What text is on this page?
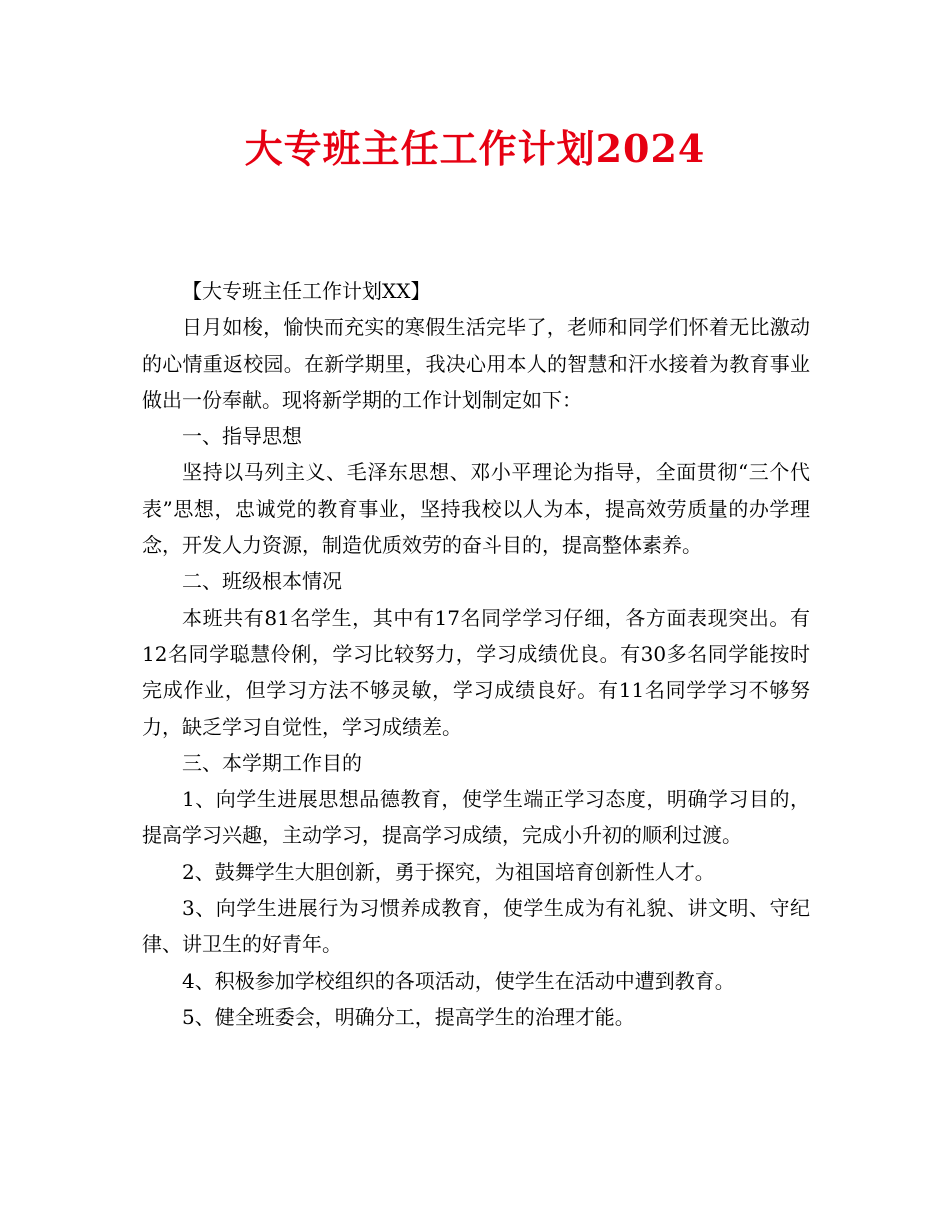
大专班主任工作计划2024

【大专班主任工作计划XX】

日月如梭，愉快而充实的寒假生活完毕了，老师和同学们怀着无比激动的心情重返校园。在新学期里，我决心用本人的智慧和汗水接着为教育事业做出一份奉献。现将新学期的工作计划制定如下：

一、指导思想

坚持以马列主义、毛泽东思想、邓小平理论为指导，全面贯彻“三个代表”思想，忠诚党的教育事业，坚持我校以人为本，提高效劳质量的办学理念，开发人力资源，制造优质效劳的奋斗目的，提高整体素养。

二、班级根本情况

本班共有81名学生，其中有17名同学学习仔细，各方面表现突出。有12名同学聪慧伶俐，学习比较努力，学习成绩优良。有30多名同学能按时完成作业，但学习方法不够灵敏，学习成绩良好。有11名同学学习不够努力，缺乏学习自觉性，学习成绩差。

三、本学期工作目的

1、向学生进展思想品德教育，使学生端正学习态度，明确学习目的，提高学习兴趣，主动学习，提高学习成绩，完成小升初的顺利过渡。

2、鼓舞学生大胆创新，勇于探究，为祖国培育创新性人才。

3、向学生进展行为习惯养成教育，使学生成为有礼貌、讲文明、守纪律、讲卫生的好青年。

4、积极参加学校组织的各项活动，使学生在活动中遭到教育。

5、健全班委会，明确分工，提高学生的治理才能。
